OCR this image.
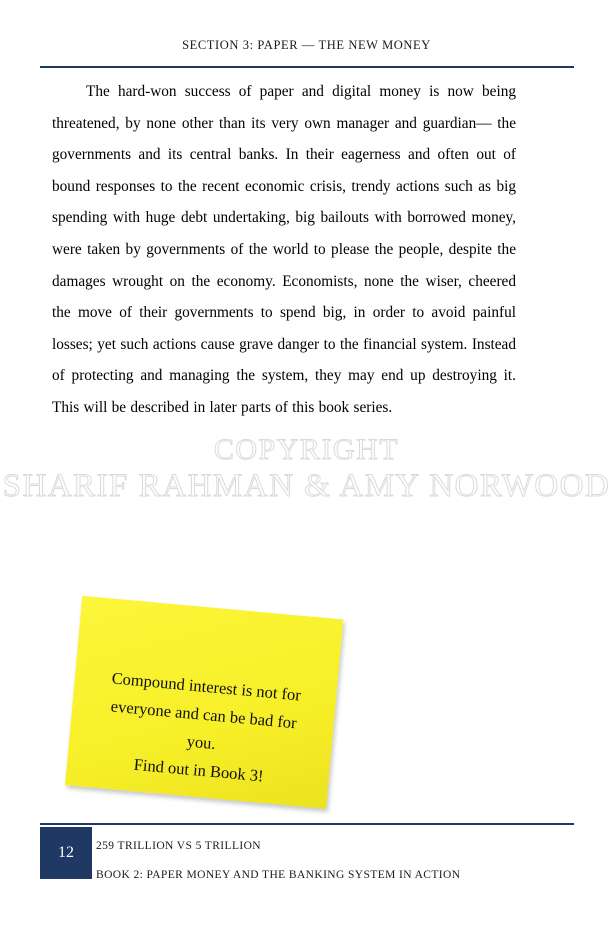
SECTION 3: PAPER — THE NEW MONEY

The hard-won success of paper and digital money is now being threatened, by none other than its very own manager and guardian— the governments and its central banks. In their eagerness and often out of bound responses to the recent economic crisis, trendy actions such as big spending with huge debt undertaking, big bailouts with borrowed money, were taken by governments of the world to please the people, despite the damages wrought on the economy. Economists, none the wiser, cheered the move of their governments to spend big, in order to avoid painful losses; yet such actions cause grave danger to the financial system. Instead of protecting and managing the system, they may end up destroying it. This will be described in later parts of this book series.

COPYRIGHT
SHARIF RAHMAN & AMY NORWOOD
Compound interest is not for
everyone and can be bad for
you.
Find out in Book 3!
12	259 TRILLION VS 5 TRILLION
BOOK 2: PAPER MONEY AND THE BANKING SYSTEM IN ACTION
